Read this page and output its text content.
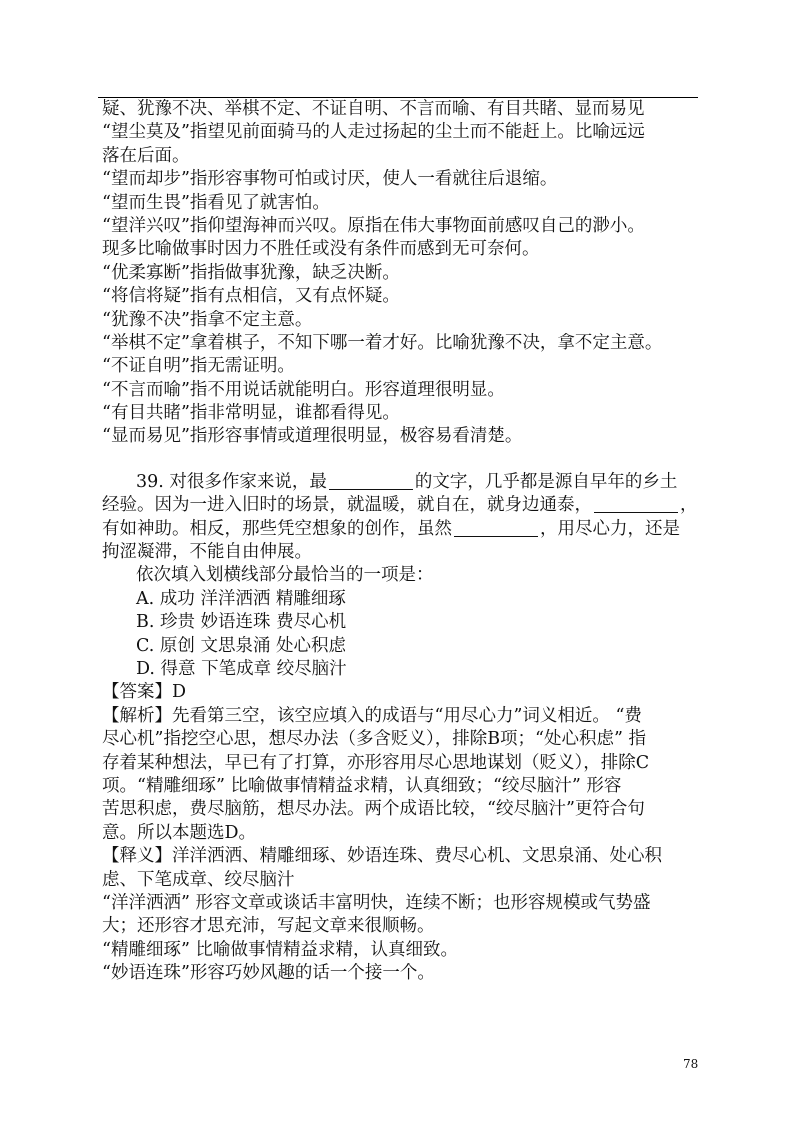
疑、犹豫不决、举棋不定、不证自明、不言而喻、有目共睹、显而易见
“望尘莫及”指望见前面骑马的人走过扬起的尘土而不能赶上。比喻远远
落在后面。
“望而却步”指形容事物可怕或讨厌，使人一看就往后退缩。
“望而生畏”指看见了就害怕。
“望洋兴叹”指仰望海神而兴叹。原指在伟大事物面前感叹自己的渺小。
现多比喻做事时因力不胜任或没有条件而感到无可奈何。
“优柔寡断”指指做事犹豫，缺乏决断。
“将信将疑”指有点相信，又有点怀疑。
“犹豫不决”指拿不定主意。
“举棋不定”拿着棋子，不知下哪一着才好。比喻犹豫不决，拿不定主意。
“不证自明”指无需证明。
“不言而喻”指不用说话就能明白。形容道理很明显。
“有目共睹”指非常明显，谁都看得见。
“显而易见”指形容事情或道理很明显，极容易看清楚。
39. 对很多作家来说，最	的文字，几乎都是源自早年的乡土
经验。因为一进入旧时的场景，就温暖，就自在，就身边通泰，	，
有如神助。相反，那些凭空想象的创作，虽然	，用尽心力，还是
拘涩凝滞，不能自由伸展。
依次填入划横线部分最恰当的一项是：
A. 成功 洋洋洒洒 精雕细琢
B. 珍贵 妙语连珠 费尽心机
C. 原创 文思泉涌 处心积虑
D. 得意 下笔成章 绞尽脑汁
【答案】D
【解析】先看第三空，该空应填入的成语与“用尽心力”词义相近。 “费
尽心机”指挖空心思，想尽办法（多含贬义），排除B项；“处心积虑” 指
存着某种想法，早已有了打算，亦形容用尽心思地谋划（贬义），排除C
项。“精雕细琢” 比喻做事情精益求精，认真细致；“绞尽脑汁” 形容
苦思积虑，费尽脑筋，想尽办法。两个成语比较，“绞尽脑汁”更符合句
意。所以本题选D。
【释义】洋洋洒洒、精雕细琢、妙语连珠、费尽心机、文思泉涌、处心积
虑、下笔成章、绞尽脑汁
“洋洋洒洒” 形容文章或谈话丰富明快，连续不断；也形容规模或气势盛
大；还形容才思充沛，写起文章来很顺畅。
“精雕细琢” 比喻做事情精益求精，认真细致。
“妙语连珠”形容巧妙风趣的话一个接一个。
78
